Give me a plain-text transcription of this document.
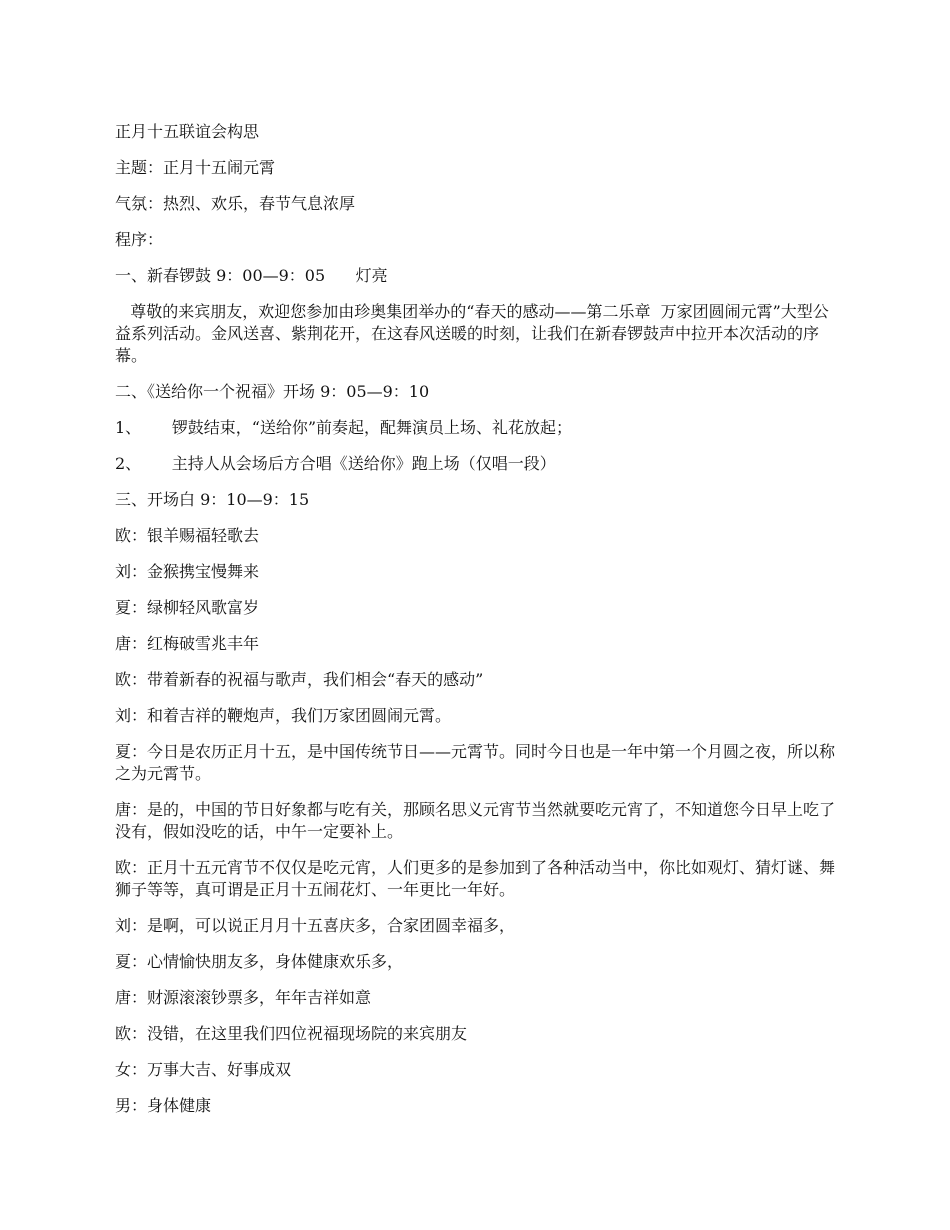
正月十五联谊会构思

主题：正月十五闹元霄

气氛：热烈、欢乐，春节气息浓厚

程序：

一、新春锣鼓 9：00—9：05      灯亮

尊敬的来宾朋友，欢迎您参加由珍奥集团举办的“春天的感动——第二乐章  万家团圆闹元霄”大型公益系列活动。金风送喜、紫荆花开，在这春风送暖的时刻，让我们在新春锣鼓声中拉开本次活动的序幕。

二、《送给你一个祝福》开场 9：05—9：10

1、      锣鼓结束，“送给你”前奏起，配舞演员上场、礼花放起；

2、      主持人从会场后方合唱《送给你》跑上场（仅唱一段）

三、开场白 9：10—9：15

欧：银羊赐福轻歌去

刘：金猴携宝慢舞来

夏：绿柳轻风歌富岁

唐：红梅破雪兆丰年

欧：带着新春的祝福与歌声，我们相会“春天的感动”

刘：和着吉祥的鞭炮声，我们万家团圆闹元霄。

夏：今日是农历正月十五，是中国传统节日——元霄节。同时今日也是一年中第一个月圆之夜，所以称之为元霄节。

唐：是的，中国的节日好象都与吃有关，那顾名思义元宵节当然就要吃元宵了，不知道您今日早上吃了没有，假如没吃的话，中午一定要补上。

欧：正月十五元宵节不仅仅是吃元宵，人们更多的是参加到了各种活动当中，你比如观灯、猜灯谜、舞狮子等等，真可谓是正月十五闹花灯、一年更比一年好。

刘：是啊，可以说正月月十五喜庆多，合家团圆幸福多，

夏：心情愉快朋友多，身体健康欢乐多，

唐：财源滚滚钞票多，年年吉祥如意

欧：没错，在这里我们四位祝福现场院的来宾朋友

女：万事大吉、好事成双

男：身体健康
